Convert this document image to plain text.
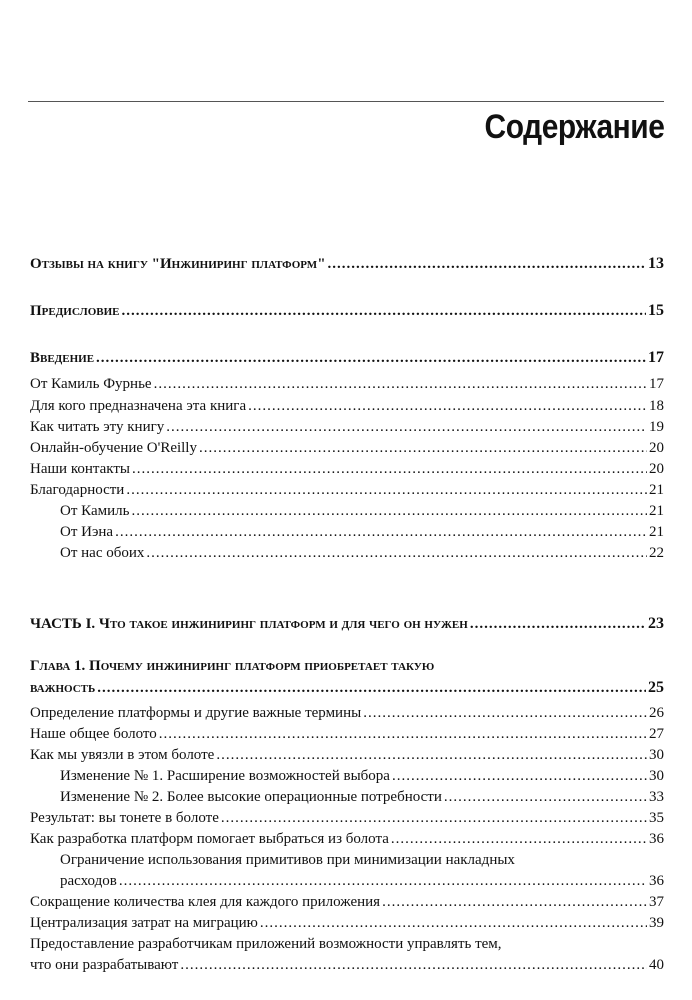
Содержание
Отзывы на книгу "Инжиниринг платформ" .....	13
Предисловие .....	15
Введение .....	17
От Камиль Фурнье .....	17
Для кого предназначена эта книга .....	18
Как читать эту книгу .....	19
Онлайн-обучение O'Reilly .....	20
Наши контакты .....	20
Благодарности .....	21
От Камиль .....	21
От Иэна .....	21
От нас обоих .....	22
ЧАСТЬ I. Что такое инжиниринг платформ и для чего он нужен .....	23
Глава 1. Почему инжиниринг платформ приобретает такую
важность .....	25
Определение платформы и другие важные термины .....	26
Наше общее болото .....	27
Как мы увязли в этом болоте .....	30
Изменение № 1. Расширение возможностей выбора .....	30
Изменение № 2. Более высокие операционные потребности .....	33
Результат: вы тонете в болоте .....	35
Как разработка платформ помогает выбраться из болота .....	36
Ограничение использования примитивов при минимизации накладных
расходов .....	36
Сокращение количества клея для каждого приложения .....	37
Централизация затрат на миграцию .....	39
Предоставление разработчикам приложений возможности управлять тем,
что они разрабатывают .....	40
